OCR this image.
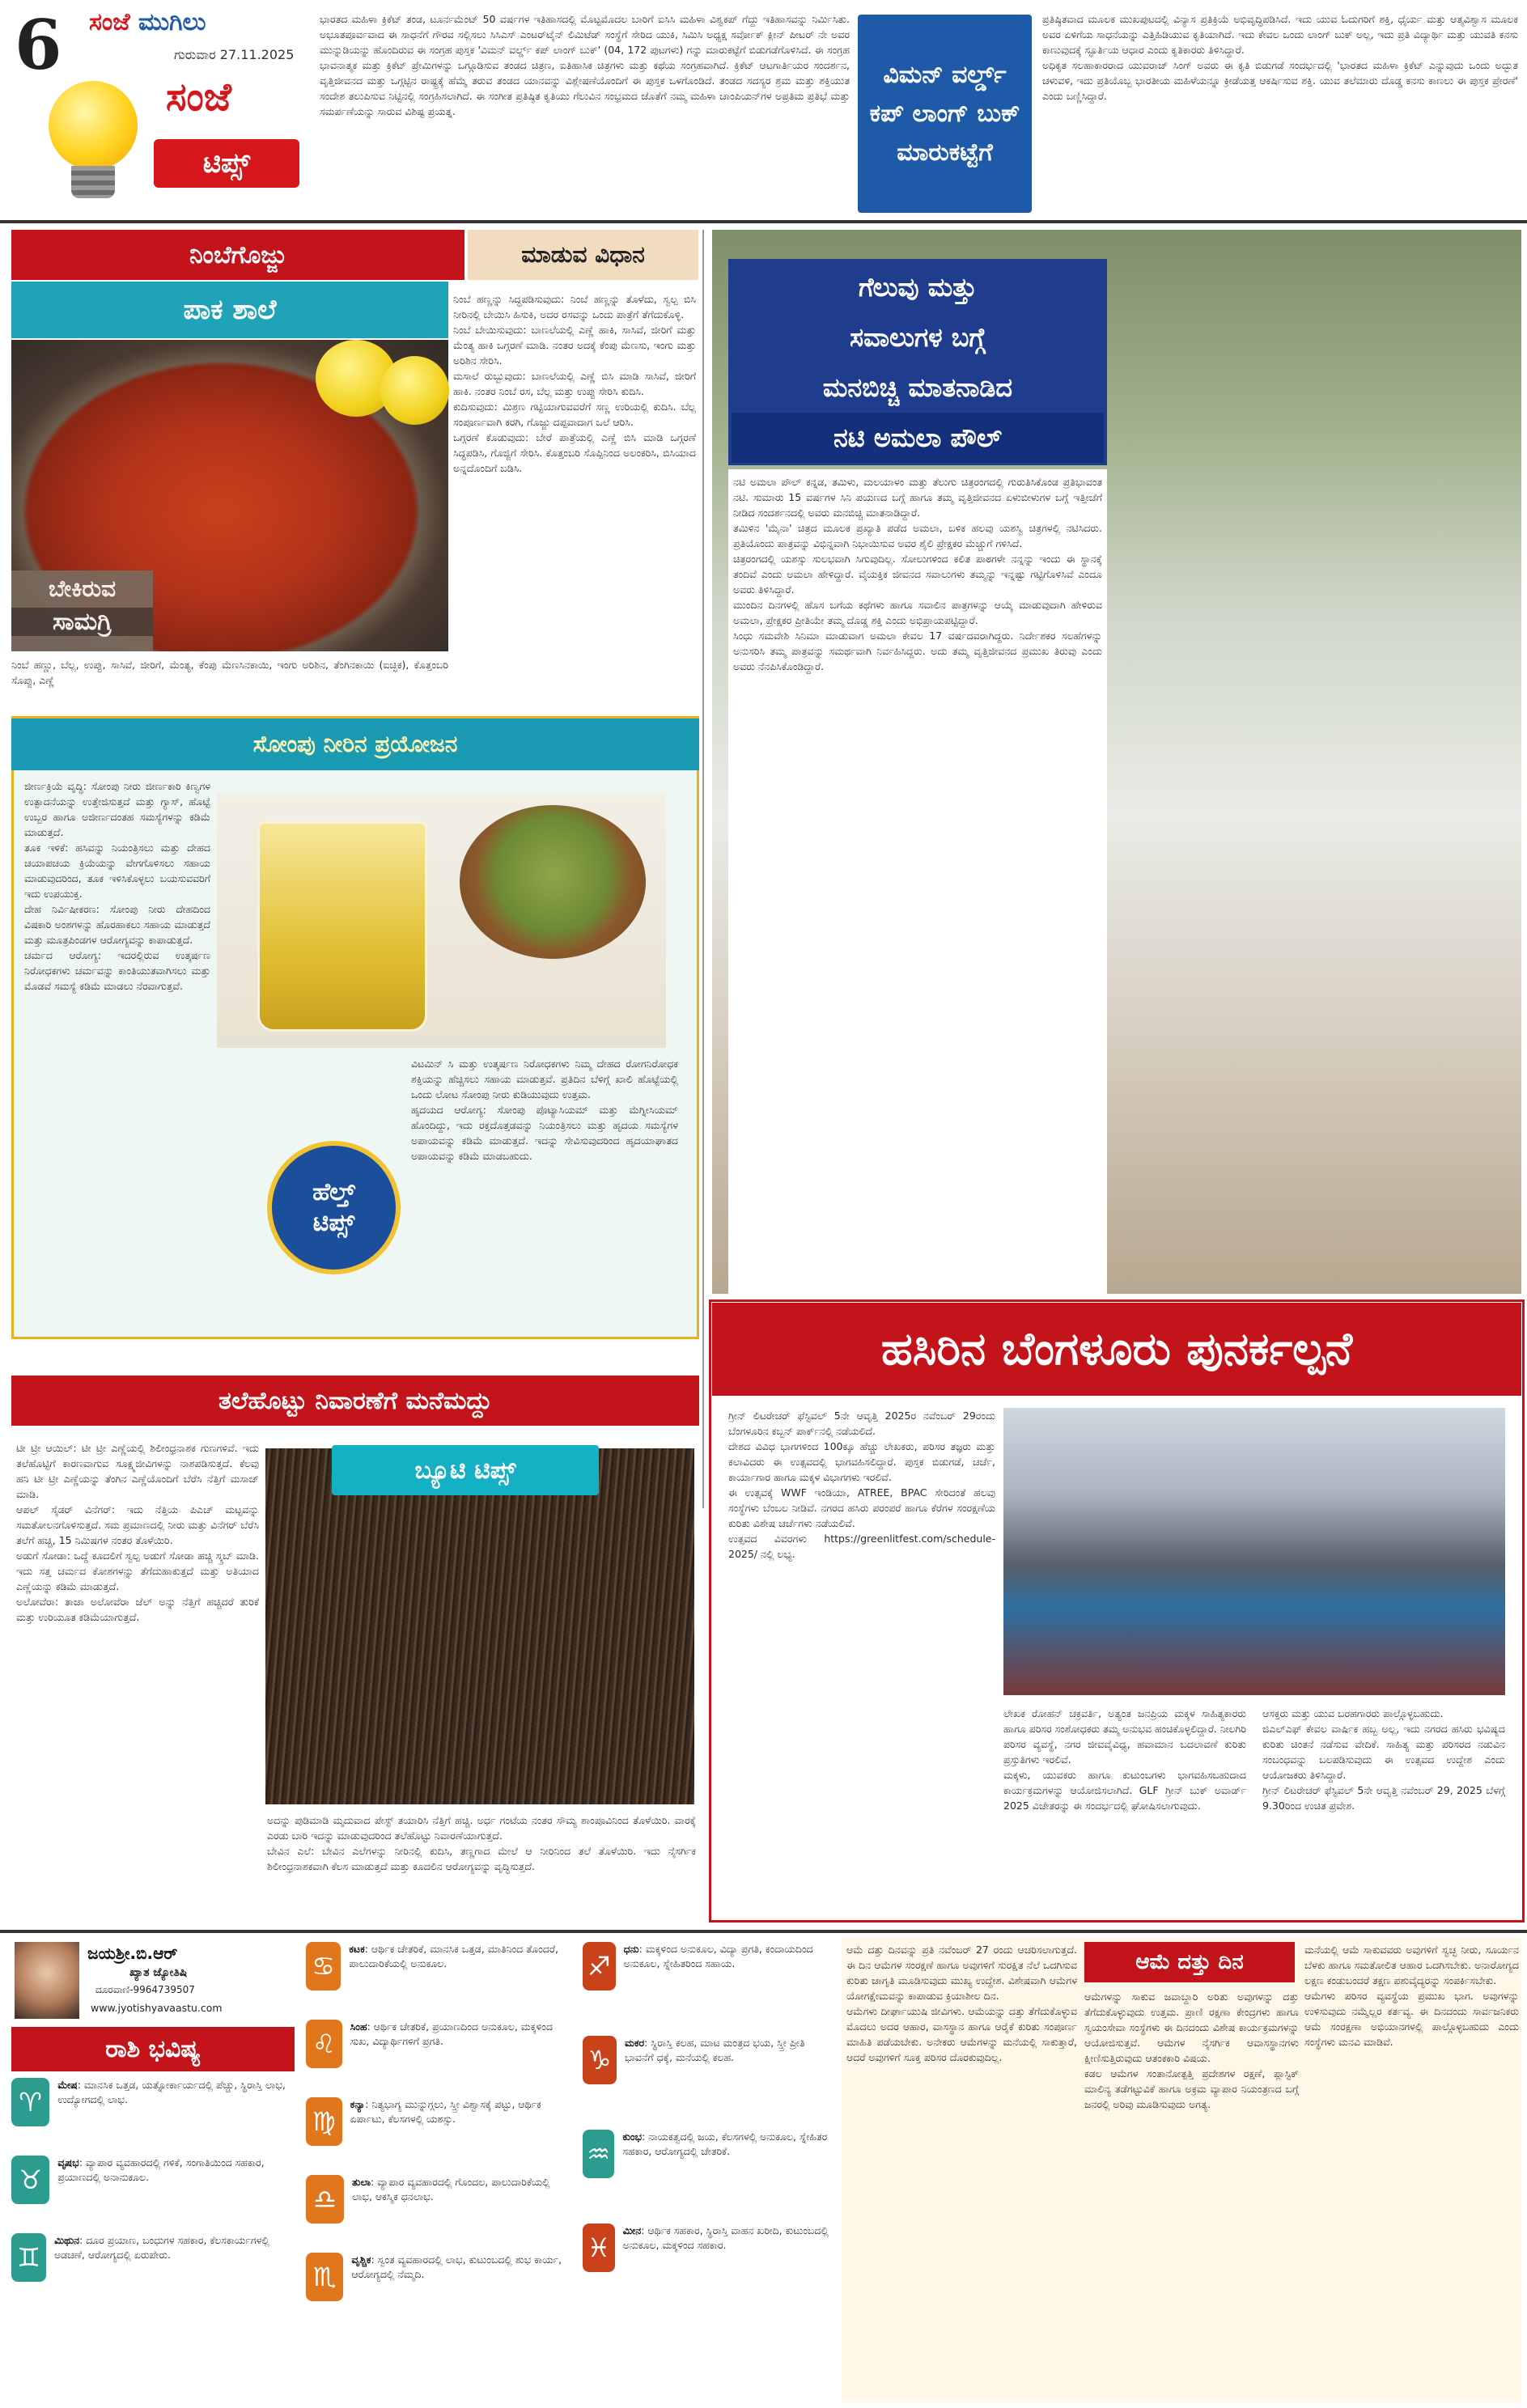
6 ಸಂಜೆ ಮುಗಿಲು
ಗುರುವಾರ 27.11.2025
ಸಂಜೆ
ಟಿಪ್ಸ್
ಭಾರತದ ಮಹಿಳಾ ಕ್ರಿಕೆಟ್ ತಂಡ, ಟೂರ್ನಮೆಂಟ್ 50 ವರ್ಷಗಳ ಇತಿಹಾಸದಲ್ಲಿ ಮೊಟ್ಟಮೊದಲ ಬಾರಿಗೆ ಐಸಿಸಿ ಮಹಿಳಾ ವಿಶ್ವಕಪ್ ಗೆದ್ದು ಇತಿಹಾಸವನ್ನು ನಿರ್ಮಿಸಿತು. ಅಭೂತಪೂರ್ವವಾದ ಈ ಸಾಧನೆಗೆ ಗೌರವ ಸಲ್ಲಿಸಲು ಸಿಸಿಎಸ್ ಎಂಟರ್‌ಟೈನ್ ಲಿಮಿಟೆಡ್ ಸಂಸ್ಥೆಗೆ ಸೇರಿದ ಯುಕಿ, ಸಿಮಿಸಿ ಅಧ್ಯಕ್ಷ ಸರ್ವೋಕ್ ಕ್ಲೀನ್ ಪೀಟರ್ ನೇ ಅವರ ಮುನ್ನುಡಿಯನ್ನು ಹೊಂದಿರುವ ಈ ಸಂಗ್ರಹ ಪುಸ್ತಕ 'ವಿಮನ್ ವರ್ಲ್ಡ್ ಕಪ್ ಲಾಂಗ್ ಬುಕ್' (04, 172 ಪುಟಗಳು) ಗನ್ನು ಮಾರುಕಟ್ಟೆಗೆ ಬಿಡುಗಡೆಗೊಳಿಸಿದೆ. ಈ ಸಂಗ್ರಹ ಭಾವನಾತ್ಮಕ ಮತ್ತು ಕ್ರಿಕೆಟ್ ಪ್ರೇಮಿಗಳನ್ನು ಒಗ್ಗೂಡಿಸುವ ತಂಡದ ಚಿತ್ರಣ, ಐತಿಹಾಸಿಕ ಚಿತ್ರಗಳು ಮತ್ತು ಕಥೆಯ ಸಂಗ್ರಹವಾಗಿದೆ. ಕ್ರಿಕೆಟ್ ಆಟಗಾರ್ತಿಯರ ಸಂದರ್ಶನ, ವೃತ್ತಿಜೀವನದ ಮತ್ತು ಒಗ್ಗಟ್ಟಿನ ರಾಷ್ಟ್ರಕ್ಕೆ ಹೆಮ್ಮೆ ತರುವ ತಂಡದ ಯಾನವನ್ನು ವಿಶ್ಲೇಷಣೆಯೊಂದಿಗೆ ಈ ಪುಸ್ತಕ ಒಳಗೊಂಡಿದೆ. ತಂಡದ ಸದಸ್ಯರ ಶ್ರಮ ಮತ್ತು ಶಕ್ತಿಯುತ ಸಂದೇಶ ತಲುಪಿಸುವ ನಿಟ್ಟಿನಲ್ಲಿ ಸಂಗ್ರಹಿಸಲಾಗಿದೆ. ಈ ಸಂಗೀತ ಪ್ರತಿಷ್ಠಿತ ಕೃತಿಯು ಗೆಲುವಿನ ಸಂಭ್ರಮದ ಜೊತೆಗೆ ನಮ್ಮ ಮಹಿಳಾ ಚಾಂಪಿಯನ್‌ಗಳ ಅಪ್ರತಿಮ ಪ್ರತಿಭೆ ಮತ್ತು ಸಮರ್ಪಣೆಯನ್ನು ಸಾರುವ ವಿಶಿಷ್ಟ ಪ್ರಯತ್ನ.
ವಿಮನ್ ವರ್ಲ್ಡ್ ಕಪ್ ಲಾಂಗ್ ಬುಕ್ ಮಾರುಕಟ್ಟೆಗೆ
ಪ್ರತಿಷ್ಠಿತವಾದ ಮೂಲಕ ಮುಖಪುಟದಲ್ಲಿ ವಿನ್ಯಾಸ ಪ್ರತಿಕ್ರಿಯೆ ಅಭಿವೃದ್ಧಿಪಡಿಸಿದೆ. ಇದು ಯುವ ಓದುಗರಿಗೆ ಶಕ್ತಿ, ಧೈರ್ಯ ಮತ್ತು ಆತ್ಮವಿಶ್ವಾಸ ಮೂಲಕ ಅವರ ಏಳಿಗೆಯ ಸಾಧನೆಯನ್ನು ಎತ್ತಿಹಿಡಿಯುವ ಕೃತಿಯಾಗಿದೆ. ಇದು ಕೇವಲ ಒಂದು ಲಾಂಗ್ ಬುಕ್ ಅಲ್ಲ, ಇದು ಪ್ರತಿ ವಿದ್ಯಾರ್ಥಿ ಮತ್ತು ಯುವತಿ ಕನಸು ಕಾಣುವುದಕ್ಕೆ ಸ್ಫೂರ್ತಿಯ ಆಧಾರ ಎಂದು ಕೃತಿಕಾರರು ತಿಳಿಸಿದ್ದಾರೆ.
ಅಧಿಕೃತ ಸಲಹಾಕಾರರಾದ ಯುವರಾಜ್ ಸಿಂಗ್ ಅವರು ಈ ಕೃತಿ ಬಿಡುಗಡೆ ಸಂದರ್ಭದಲ್ಲಿ 'ಭಾರತದ ಮಹಿಳಾ ಕ್ರಿಕೆಟ್ ಎನ್ನುವುದು ಒಂದು ಅದ್ಭುತ ಚಳುವಳಿ, ಇದು ಪ್ರತಿಯೊಬ್ಬ ಭಾರತೀಯ ಮಹಿಳೆಯನ್ನೂ ಕ್ರೀಡೆಯತ್ತ ಆಕರ್ಷಿಸುವ ಶಕ್ತಿ. ಯುವ ತಲೆಮಾರು ದೊಡ್ಡ ಕನಸು ಕಾಣಲು ಈ ಪುಸ್ತಕ ಪ್ರೇರಣೆ' ಎಂದು ಬಣ್ಣಿಸಿದ್ದಾರೆ.
ನಿಂಬೆಗೊಜ್ಜು	ಮಾಡುವ ವಿಧಾನ
ಪಾಕ ಶಾಲೆ
ಬೇಕಿರುವ
ಸಾಮಗ್ರಿ
ನಿಂಬೆ ಹಣ್ಣು, ಬೆಲ್ಲ, ಉಪ್ಪು, ಸಾಸಿವೆ, ಜೀರಿಗೆ, ಮೆಂತ್ಯ, ಕೆಂಪು ಮೆಣಸಿನಕಾಯಿ, ಇಂಗು ಅರಿಶಿನ, ತೆಂಗಿನಕಾಯಿ (ಐಚ್ಛಿಕ), ಕೊತ್ತಂಬರಿ ಸೊಪ್ಪು, ಎಣ್ಣೆ
ನಿಂಬೆ ಹಣ್ಣನ್ನು ಸಿದ್ಧಪಡಿಸುವುದು: ನಿಂಬೆ ಹಣ್ಣನ್ನು ತೊಳೆದು, ಸ್ವಲ್ಪ ಬಿಸಿ ನೀರಿನಲ್ಲಿ ಬೇಯಿಸಿ ಹಿಸುಕಿ, ಅದರ ರಸವನ್ನು ಒಂದು ಪಾತ್ರೆಗೆ ತೆಗೆದುಕೊಳ್ಳಿ.
ನಿಂಬೆ ಬೇಯಿಸುವುದು: ಬಾಣಲೆಯಲ್ಲಿ ಎಣ್ಣೆ ಹಾಕಿ, ಸಾಸಿವೆ, ಜೀರಿಗೆ ಮತ್ತು ಮೆಂತ್ಯ ಹಾಕಿ ಒಗ್ಗರಣೆ ಮಾಡಿ. ನಂತರ ಅದಕ್ಕೆ ಕೆಂಪು ಮೆಣಸು, ಇಂಗು ಮತ್ತು ಅರಿಶಿನ ಸೇರಿಸಿ.
ಮಸಾಲೆ ರುಬ್ಬುವುದು: ಬಾಣಲೆಯಲ್ಲಿ ಎಣ್ಣೆ ಬಿಸಿ ಮಾಡಿ ಸಾಸಿವೆ, ಜೀರಿಗೆ ಹಾಕಿ. ನಂತರ ನಿಂಬೆ ರಸ, ಬೆಲ್ಲ ಮತ್ತು ಉಪ್ಪು ಸೇರಿಸಿ ಕುದಿಸಿ.
ಕುದಿಸುವುದು: ಮಿಶ್ರಣ ಗಟ್ಟಿಯಾಗುವವರೆಗೆ ಸಣ್ಣ ಉರಿಯಲ್ಲಿ ಕುದಿಸಿ. ಬೆಲ್ಲ ಸಂಪೂರ್ಣವಾಗಿ ಕರಗಿ, ಗೊಜ್ಜು ದಪ್ಪವಾದಾಗ ಒಲೆ ಆರಿಸಿ.
ಒಗ್ಗರಣೆ ಕೊಡುವುದು: ಬೇರೆ ಪಾತ್ರೆಯಲ್ಲಿ ಎಣ್ಣೆ ಬಿಸಿ ಮಾಡಿ ಒಗ್ಗರಣೆ ಸಿದ್ಧಪಡಿಸಿ, ಗೊಜ್ಜಿಗೆ ಸೇರಿಸಿ. ಕೊತ್ತಂಬರಿ ಸೊಪ್ಪಿನಿಂದ ಅಲಂಕರಿಸಿ, ಬಿಸಿಯಾದ ಅನ್ನದೊಂದಿಗೆ ಬಡಿಸಿ.
ಸೋಂಪು ನೀರಿನ ಪ್ರಯೋಜನ
ಜೀರ್ಣಕ್ರಿಯೆ ವೃದ್ಧಿ: ಸೋಂಪು ನೀರು ಜೀರ್ಣಕಾರಿ ಕಿಣ್ವಗಳ ಉತ್ಪಾದನೆಯನ್ನು ಉತ್ತೇಜಿಸುತ್ತದೆ ಮತ್ತು ಗ್ಯಾಸ್, ಹೊಟ್ಟೆ ಉಬ್ಬರ ಹಾಗೂ ಅಜೀರ್ಣದಂತಹ ಸಮಸ್ಯೆಗಳನ್ನು ಕಡಿಮೆ ಮಾಡುತ್ತದೆ.
ತೂಕ ಇಳಿಕೆ: ಹಸಿವನ್ನು ನಿಯಂತ್ರಿಸಲು ಮತ್ತು ದೇಹದ ಚಯಾಪಚಯ ಕ್ರಿಯೆಯನ್ನು ವೇಗಗೊಳಿಸಲು ಸಹಾಯ ಮಾಡುವುದರಿಂದ, ತೂಕ ಇಳಿಸಿಕೊಳ್ಳಲು ಬಯಸುವವರಿಗೆ ಇದು ಉಪಯುಕ್ತ.
ದೇಹ ನಿರ್ವಿಷೀಕರಣ: ಸೋಂಪು ನೀರು ದೇಹದಿಂದ ವಿಷಕಾರಿ ಅಂಶಗಳನ್ನು ಹೊರಹಾಕಲು ಸಹಾಯ ಮಾಡುತ್ತದೆ ಮತ್ತು ಮೂತ್ರಪಿಂಡಗಳ ಆರೋಗ್ಯವನ್ನು ಕಾಪಾಡುತ್ತದೆ.
ಚರ್ಮದ ಆರೋಗ್ಯ: ಇದರಲ್ಲಿರುವ ಉತ್ಕರ್ಷಣ ನಿರೋಧಕಗಳು ಚರ್ಮವನ್ನು ಕಾಂತಿಯುತವಾಗಿಸಲು ಮತ್ತು ಮೊಡವೆ ಸಮಸ್ಯೆ ಕಡಿಮೆ ಮಾಡಲು ನೆರವಾಗುತ್ತವೆ.
ಹೆಲ್ತ್
ಟಿಪ್ಸ್
ವಿಟಮಿನ್ ಸಿ ಮತ್ತು ಉತ್ಕರ್ಷಣ ನಿರೋಧಕಗಳು ನಿಮ್ಮ ದೇಹದ ರೋಗನಿರೋಧಕ ಶಕ್ತಿಯನ್ನು ಹೆಚ್ಚಿಸಲು ಸಹಾಯ ಮಾಡುತ್ತವೆ. ಪ್ರತಿದಿನ ಬೆಳಿಗ್ಗೆ ಖಾಲಿ ಹೊಟ್ಟೆಯಲ್ಲಿ ಒಂದು ಲೋಟ ಸೋಂಪು ನೀರು ಕುಡಿಯುವುದು ಉತ್ತಮ.
ಹೃದಯದ ಆರೋಗ್ಯ: ಸೋಂಪು ಪೊಟ್ಯಾಸಿಯಮ್ ಮತ್ತು ಮೆಗ್ನೀಸಿಯಮ್ ಹೊಂದಿದ್ದು, ಇದು ರಕ್ತದೊತ್ತಡವನ್ನು ನಿಯಂತ್ರಿಸಲು ಮತ್ತು ಹೃದಯ ಸಮಸ್ಯೆಗಳ ಅಪಾಯವನ್ನು ಕಡಿಮೆ ಮಾಡುತ್ತದೆ. ಇದನ್ನು ಸೇವಿಸುವುದರಿಂದ ಹೃದಯಾಘಾತದ ಅಪಾಯವನ್ನು ಕಡಿಮೆ ಮಾಡಬಹುದು.
ತಲೆಹೊಟ್ಟು ನಿವಾರಣೆಗೆ ಮನೆಮದ್ದು
ಟೀ ಟ್ರೀ ಆಯಿಲ್: ಟೀ ಟ್ರೀ ಎಣ್ಣೆಯಲ್ಲಿ ಶಿಲೀಂಧ್ರನಾಶಕ ಗುಣಗಳಿವೆ. ಇದು ತಲೆಹೊಟ್ಟಿಗೆ ಕಾರಣವಾಗುವ ಸೂಕ್ಷ್ಮಜೀವಿಗಳನ್ನು ನಾಶಪಡಿಸುತ್ತದೆ. ಕೆಲವು ಹನಿ ಟೀ ಟ್ರೀ ಎಣ್ಣೆಯನ್ನು ತೆಂಗಿನ ಎಣ್ಣೆಯೊಂದಿಗೆ ಬೆರೆಸಿ ನೆತ್ತಿಗೆ ಮಸಾಜ್ ಮಾಡಿ.
ಆಪಲ್ ಸೈಡರ್ ವಿನೆಗರ್: ಇದು ನೆತ್ತಿಯ ಪಿಎಚ್ ಮಟ್ಟವನ್ನು ಸಮತೋಲನಗೊಳಿಸುತ್ತದೆ. ಸಮ ಪ್ರಮಾಣದಲ್ಲಿ ನೀರು ಮತ್ತು ವಿನೆಗರ್ ಬೆರೆಸಿ ತಲೆಗೆ ಹಚ್ಚಿ, 15 ನಿಮಿಷಗಳ ನಂತರ ತೊಳೆಯಿರಿ.
ಅಡುಗೆ ಸೋಡಾ: ಒದ್ದೆ ಕೂದಲಿಗೆ ಸ್ವಲ್ಪ ಅಡುಗೆ ಸೋಡಾ ಹಚ್ಚಿ ಸ್ಕ್ರಬ್ ಮಾಡಿ. ಇದು ಸತ್ತ ಚರ್ಮದ ಕೋಶಗಳನ್ನು ತೆಗೆದುಹಾಕುತ್ತದೆ ಮತ್ತು ಅತಿಯಾದ ಎಣ್ಣೆಯನ್ನು ಕಡಿಮೆ ಮಾಡುತ್ತದೆ.
ಅಲೋವೆರಾ: ತಾಜಾ ಅಲೋವೆರಾ ಜೆಲ್ ಅನ್ನು ನೆತ್ತಿಗೆ ಹಚ್ಚಿದರೆ ತುರಿಕೆ ಮತ್ತು ಉರಿಯೂತ ಕಡಿಮೆಯಾಗುತ್ತದೆ.
ಬ್ಯೂಟಿ ಟಿಪ್ಸ್
ಅದನ್ನು ಪುಡಿಮಾಡಿ ಮೃದುವಾದ ಪೇಸ್ಟ್ ತಯಾರಿಸಿ ನೆತ್ತಿಗೆ ಹಚ್ಚಿ. ಅರ್ಧ ಗಂಟೆಯ ನಂತರ ಸೌಮ್ಯ ಶಾಂಪೂವಿನಿಂದ ತೊಳೆಯಿರಿ. ವಾರಕ್ಕೆ ಎರಡು ಬಾರಿ ಇದನ್ನು ಮಾಡುವುದರಿಂದ ತಲೆಹೊಟ್ಟು ನಿವಾರಣೆಯಾಗುತ್ತದೆ.
ಬೇವಿನ ಎಲೆ: ಬೇವಿನ ಎಲೆಗಳನ್ನು ನೀರಿನಲ್ಲಿ ಕುದಿಸಿ, ತಣ್ಣಗಾದ ಮೇಲೆ ಆ ನೀರಿನಿಂದ ತಲೆ ತೊಳೆಯಿರಿ. ಇದು ನೈಸರ್ಗಿಕ ಶಿಲೀಂಧ್ರನಾಶಕವಾಗಿ ಕೆಲಸ ಮಾಡುತ್ತದೆ ಮತ್ತು ಕೂದಲಿನ ಆರೋಗ್ಯವನ್ನು ವೃದ್ಧಿಸುತ್ತದೆ.
ಗೆಲುವು ಮತ್ತು
ಸವಾಲುಗಳ ಬಗ್ಗೆ
ಮನಬಿಚ್ಚಿ ಮಾತನಾಡಿದ
ನಟಿ ಅಮಲಾ ಪೌಲ್
ನಟಿ ಅಮಲಾ ಪೌಲ್ ಕನ್ನಡ, ತಮಿಳು, ಮಲಯಾಳಂ ಮತ್ತು ತೆಲುಗು ಚಿತ್ರರಂಗದಲ್ಲಿ ಗುರುತಿಸಿಕೊಂಡ ಪ್ರತಿಭಾವಂತ ನಟಿ. ಸುಮಾರು 15 ವರ್ಷಗಳ ಸಿನಿ ಪಯಣದ ಬಗ್ಗೆ ಹಾಗೂ ತಮ್ಮ ವೃತ್ತಿಜೀವನದ ಏಳುಬೀಳುಗಳ ಬಗ್ಗೆ ಇತ್ತೀಚೆಗೆ ನೀಡಿದ ಸಂದರ್ಶನದಲ್ಲಿ ಅವರು ಮನಬಿಚ್ಚಿ ಮಾತನಾಡಿದ್ದಾರೆ.
ತಮಿಳಿನ 'ಮೈನಾ' ಚಿತ್ರದ ಮೂಲಕ ಪ್ರಖ್ಯಾತಿ ಪಡೆದ ಅಮಲಾ, ಬಳಿಕ ಹಲವು ಯಶಸ್ವಿ ಚಿತ್ರಗಳಲ್ಲಿ ನಟಿಸಿದರು. ಪ್ರತಿಯೊಂದು ಪಾತ್ರವನ್ನು ವಿಭಿನ್ನವಾಗಿ ನಿಭಾಯಿಸುವ ಅವರ ಶೈಲಿ ಪ್ರೇಕ್ಷಕರ ಮೆಚ್ಚುಗೆ ಗಳಿಸಿದೆ.
ಚಿತ್ರರಂಗದಲ್ಲಿ ಯಶಸ್ಸು ಸುಲಭವಾಗಿ ಸಿಗುವುದಿಲ್ಲ. ಸೋಲುಗಳಿಂದ ಕಲಿತ ಪಾಠಗಳೇ ನನ್ನನ್ನು ಇಂದು ಈ ಸ್ಥಾನಕ್ಕೆ ತಂದಿವೆ ಎಂದು ಅಮಲಾ ಹೇಳಿದ್ದಾರೆ. ವೈಯಕ್ತಿಕ ಜೀವನದ ಸವಾಲುಗಳು ತಮ್ಮನ್ನು ಇನ್ನಷ್ಟು ಗಟ್ಟಿಗೊಳಿಸಿವೆ ಎಂದೂ ಅವರು ತಿಳಿಸಿದ್ದಾರೆ.
ಮುಂದಿನ ದಿನಗಳಲ್ಲಿ ಹೊಸ ಬಗೆಯ ಕಥೆಗಳು ಹಾಗೂ ಸವಾಲಿನ ಪಾತ್ರಗಳನ್ನು ಆಯ್ಕೆ ಮಾಡುವುದಾಗಿ ಹೇಳಿರುವ ಅಮಲಾ, ಪ್ರೇಕ್ಷಕರ ಪ್ರೀತಿಯೇ ತಮ್ಮ ದೊಡ್ಡ ಶಕ್ತಿ ಎಂದು ಅಭಿಪ್ರಾಯಪಟ್ಟಿದ್ದಾರೆ.
ಸಿಂಧು ಸಮವೇಶಿ ಸಿನಿಮಾ ಮಾಡುವಾಗ ಅಮಲಾ ಕೇವಲ 17 ವರ್ಷದವರಾಗಿದ್ದರು. ನಿರ್ದೇಶಕರ ಸಲಹೆಗಳನ್ನು ಅನುಸರಿಸಿ ತಮ್ಮ ಪಾತ್ರವನ್ನು ಸಮರ್ಥವಾಗಿ ನಿರ್ವಹಿಸಿದ್ದರು. ಅದು ತಮ್ಮ ವೃತ್ತಿಜೀವನದ ಪ್ರಮುಖ ತಿರುವು ಎಂದು ಅವರು ನೆನಪಿಸಿಕೊಂಡಿದ್ದಾರೆ.
ಹಸಿರಿನ ಬೆಂಗಳೂರು ಪುನರ್ಕಲ್ಪನೆ
ಗ್ರೀನ್ ಲಿಟರೇಚರ್ ಫೆಸ್ಟಿವಲ್ 5ನೇ ಆವೃತ್ತಿ 2025ರ ನವೆಂಬರ್ 29ರಂದು ಬೆಂಗಳೂರಿನ ಕಬ್ಬನ್ ಪಾರ್ಕ್‌ನಲ್ಲಿ ನಡೆಯಲಿದೆ.
ದೇಶದ ವಿವಿಧ ಭಾಗಗಳಿಂದ 100ಕ್ಕೂ ಹೆಚ್ಚು ಲೇಖಕರು, ಪರಿಸರ ತಜ್ಞರು ಮತ್ತು ಕಲಾವಿದರು ಈ ಉತ್ಸವದಲ್ಲಿ ಭಾಗವಹಿಸಲಿದ್ದಾರೆ. ಪುಸ್ತಕ ಬಿಡುಗಡೆ, ಚರ್ಚೆ, ಕಾರ್ಯಾಗಾರ ಹಾಗೂ ಮಕ್ಕಳ ವಿಭಾಗಗಳು ಇರಲಿವೆ.
ಈ ಉತ್ಸವಕ್ಕೆ WWF ಇಂಡಿಯಾ, ATREE, BPAC ಸೇರಿದಂತೆ ಹಲವು ಸಂಸ್ಥೆಗಳು ಬೆಂಬಲ ನೀಡಿವೆ. ನಗರದ ಹಸಿರು ಪರಂಪರೆ ಹಾಗೂ ಕೆರೆಗಳ ಸಂರಕ್ಷಣೆಯ ಕುರಿತು ವಿಶೇಷ ಚರ್ಚೆಗಳು ನಡೆಯಲಿವೆ.
ಉತ್ಸವದ ವಿವರಗಳು https://greenlitfest.com/schedule-2025/ ನಲ್ಲಿ ಲಭ್ಯ.
ಲೇಖಕ ರೋಹನ್ ಚಕ್ರವರ್ತಿ, ಅತ್ಯಂತ ಜನಪ್ರಿಯ ಮಕ್ಕಳ ಸಾಹಿತ್ಯಕಾರರು ಹಾಗೂ ಪರಿಸರ ಸಂಶೋಧಕರು ತಮ್ಮ ಅನುಭವ ಹಂಚಿಕೊಳ್ಳಲಿದ್ದಾರೆ. ನೀಲಗಿರಿ ಪರಿಸರ ವ್ಯವಸ್ಥೆ, ನಗರ ಜೀವವೈವಿಧ್ಯ, ಹವಾಮಾನ ಬದಲಾವಣೆ ಕುರಿತು ಪ್ರಸ್ತುತಿಗಳು ಇರಲಿವೆ.
ಮಕ್ಕಳು, ಯುವಕರು ಹಾಗೂ ಕುಟುಂಬಗಳು ಭಾಗವಹಿಸಬಹುದಾದ ಕಾರ್ಯಕ್ರಮಗಳನ್ನು ಆಯೋಜಿಸಲಾಗಿದೆ. GLF ಗ್ರೀನ್ ಬುಕ್ ಅವಾರ್ಡ್ 2025 ವಿಜೇತರನ್ನು ಈ ಸಂದರ್ಭದಲ್ಲಿ ಘೋಷಿಸಲಾಗುವುದು.
ಆಸಕ್ತರು ಮತ್ತು ಯುವ ಬರಹಗಾರರು ಪಾಲ್ಗೊಳ್ಳಬಹುದು.
ಜಿಎಲ್‌ಎಫ್ ಕೇವಲ ವಾರ್ಷಿಕ ಹಬ್ಬ ಅಲ್ಲ, ಇದು ನಗರದ ಹಸಿರು ಭವಿಷ್ಯದ ಕುರಿತು ಚಿಂತನೆ ನಡೆಸುವ ವೇದಿಕೆ. ಸಾಹಿತ್ಯ ಮತ್ತು ಪರಿಸರದ ನಡುವಿನ ಸಂಬಂಧವನ್ನು ಬಲಪಡಿಸುವುದು ಈ ಉತ್ಸವದ ಉದ್ದೇಶ ಎಂದು ಆಯೋಜಕರು ತಿಳಿಸಿದ್ದಾರೆ.
ಗ್ರೀನ್ ಲಿಟರೇಚರ್ ಫೆಸ್ಟಿವಲ್ 5ನೇ ಆವೃತ್ತಿ ನವೆಂಬರ್ 29, 2025 ಬೆಳಗ್ಗೆ 9.30ರಿಂದ ಉಚಿತ ಪ್ರವೇಶ.
ಜಯಶ್ರೀ.ಬಿ.ಆರ್
ಖ್ಯಾತ ಜ್ಯೋತಿಷಿ
ದೂರವಾಣಿ-9964739507
www.jyotishyavaastu.com
ರಾಶಿ ಭವಿಷ್ಯ
♈
ಮೇಷ: ಮಾನಸಿಕ ಒತ್ತಡ, ಯತ್ನೋರ್ಕಾರ್ಯದಲ್ಲಿ ಪೆಚ್ಚು, ಸ್ಥಿರಾಸ್ತಿ ಲಾಭ, ಉದ್ಯೋಗದಲ್ಲಿ ಲಾಭ.
♉
ವೃಷಭ: ವ್ಯಾಪಾರ ವ್ಯವಹಾರದಲ್ಲಿ ಗಳಿಕೆ, ಸಂಗಾತಿಯಿಂದ ಸಹಕಾರ, ಪ್ರಯಾಣದಲ್ಲಿ ಅನಾನುಕೂಲ.
♊
ಮಿಥುನ: ದೂರ ಪ್ರಯಾಣ, ಬಂಧುಗಳ ಸಹಕಾರ, ಕೆಲಸಕಾರ್ಯಗಳಲ್ಲಿ ಅಡಚಣೆ, ಆರೋಗ್ಯದಲ್ಲಿ ಏರುಪೇರು.
♋
ಕಟಕ: ಆರ್ಥಿಕ ಚೇತರಿಕೆ, ಮಾನಸಿಕ ಒತ್ತಡ, ಮಾತಿನಿಂದ ತೊಂದರೆ, ಪಾಲುದಾರಿಕೆಯಲ್ಲಿ ಅನುಕೂಲ.
♌
ಸಿಂಹ: ಆರ್ಥಿಕ ಚೇತರಿಕೆ, ಪ್ರಯಾಣದಿಂದ ಅನುಕೂಲ, ಮಕ್ಕಳಿಂದ ಸುಖ, ವಿದ್ಯಾರ್ಥಿಗಳಿಗೆ ಪ್ರಗತಿ.
♍
ಕನ್ಯಾ: ನಿತ್ಯಭಾಗ್ಯ ಮುನ್ನುಗ್ಗಲು, ಸ್ತ್ರೀ ವಿಶ್ವಾಸಕ್ಕೆ ಪಟ್ಟು, ಆರ್ಥಿಕ ಏರ್ಪಾಟು, ಕೆಲಸಗಳಲ್ಲಿ ಯಶಸ್ಸು.
♎
ತುಲಾ: ವ್ಯಾಪಾರ ವ್ಯವಹಾರದಲ್ಲಿ ಗೊಂದಲ, ಪಾಲುದಾರಿಕೆಯಲ್ಲಿ ಲಾಭ, ಆಕಸ್ಮಿಕ ಧನಲಾಭ.
♏
ವೃಶ್ಚಿಕ: ಸ್ವಂತ ವ್ಯವಹಾರದಲ್ಲಿ ಲಾಭ, ಕುಟುಂಬದಲ್ಲಿ ಶುಭ ಕಾರ್ಯ, ಆರೋಗ್ಯದಲ್ಲಿ ನೆಮ್ಮದಿ.
♐
ಧನು: ಮಕ್ಕಳಿಂದ ಅನುಕೂಲ, ವಿದ್ಯಾ ಪ್ರಗತಿ, ಕಂದಾಯದಿಂದ ಅನುಕೂಲ, ಸ್ನೇಹಿತರಿಂದ ಸಹಾಯ.
♑
ಮಕರ: ಸ್ಥಿರಾಸ್ತಿ ಕಲಹ, ಮಾಟ ಮಂತ್ರದ ಭಯ, ಸ್ತ್ರೀ ಪ್ರೀತಿ ಭಾವನೆಗೆ ಧಕ್ಕೆ, ಮನೆಯಲ್ಲಿ ಕಲಹ.
♒
ಕುಂಭ: ನಾಯಕತ್ವದಲ್ಲಿ ಜಯ, ಕೆಲಸಗಳಲ್ಲಿ ಅನುಕೂಲ, ಸ್ನೇಹಿತರ ಸಹಕಾರ, ಆರೋಗ್ಯದಲ್ಲಿ ಚೇತರಿಕೆ.
♓
ಮೀನ: ಆರ್ಥಿಕ ಸಹಕಾರ, ಸ್ಥಿರಾಸ್ತಿ ವಾಹನ ಖರೀದಿ, ಕುಟುಂಬದಲ್ಲಿ ಅನುಕೂಲ, ಮಕ್ಕಳಿಂದ ಸಹಕಾರ.
ಆಮೆ ದತ್ತು ದಿನ
ಆಮೆ ದತ್ತು ದಿನವನ್ನು ಪ್ರತಿ ನವೆಂಬರ್ 27 ರಂದು ಆಚರಿಸಲಾಗುತ್ತದೆ. ಈ ದಿನ ಆಮೆಗಳ ಸಂರಕ್ಷಣೆ ಹಾಗೂ ಅವುಗಳಿಗೆ ಸುರಕ್ಷಿತ ನೆಲೆ ಒದಗಿಸುವ ಕುರಿತು ಜಾಗೃತಿ ಮೂಡಿಸುವುದು ಮುಖ್ಯ ಉದ್ದೇಶ. ವಿಶೇಷವಾಗಿ ಆಮೆಗಳ ಯೋಗಕ್ಷೇಮವನ್ನು ಕಾಪಾಡುವ ಕ್ರಿಯಾಶೀಲ ದಿನ.
ಆಮೆಗಳು ದೀರ್ಘಾಯುಷಿ ಜೀವಿಗಳು. ಆಮೆಯನ್ನು ದತ್ತು ತೆಗೆದುಕೊಳ್ಳುವ ಮೊದಲು ಅದರ ಆಹಾರ, ವಾಸಸ್ಥಾನ ಹಾಗೂ ಆರೈಕೆ ಕುರಿತು ಸಂಪೂರ್ಣ ಮಾಹಿತಿ ಪಡೆಯಬೇಕು. ಅನೇಕರು ಆಮೆಗಳನ್ನು ಮನೆಯಲ್ಲಿ ಸಾಕುತ್ತಾರೆ, ಆದರೆ ಅವುಗಳಿಗೆ ಸೂಕ್ತ ಪರಿಸರ ದೊರಕುವುದಿಲ್ಲ.
ಆಮೆಗಳನ್ನು ಸಾಕುವ ಜವಾಬ್ದಾರಿ ಅರಿತು ಅವುಗಳನ್ನು ದತ್ತು ತೆಗೆದುಕೊಳ್ಳುವುದು ಉತ್ತಮ. ಪ್ರಾಣಿ ರಕ್ಷಣಾ ಕೇಂದ್ರಗಳು ಹಾಗೂ ಸ್ವಯಂಸೇವಾ ಸಂಸ್ಥೆಗಳು ಈ ದಿನದಂದು ವಿಶೇಷ ಕಾರ್ಯಕ್ರಮಗಳನ್ನು ಆಯೋಜಿಸುತ್ತವೆ. ಆಮೆಗಳ ನೈಸರ್ಗಿಕ ಆವಾಸಸ್ಥಾನಗಳು ಕ್ಷೀಣಿಸುತ್ತಿರುವುದು ಆತಂಕಕಾರಿ ವಿಷಯ.
ಕಡಲ ಆಮೆಗಳ ಸಂತಾನೋತ್ಪತ್ತಿ ಪ್ರದೇಶಗಳ ರಕ್ಷಣೆ, ಪ್ಲಾಸ್ಟಿಕ್ ಮಾಲಿನ್ಯ ತಡೆಗಟ್ಟುವಿಕೆ ಹಾಗೂ ಅಕ್ರಮ ವ್ಯಾಪಾರ ನಿಯಂತ್ರಣದ ಬಗ್ಗೆ ಜನರಲ್ಲಿ ಅರಿವು ಮೂಡಿಸುವುದು ಅಗತ್ಯ.
ಮನೆಯಲ್ಲಿ ಆಮೆ ಸಾಕುವವರು ಅವುಗಳಿಗೆ ಸ್ವಚ್ಛ ನೀರು, ಸೂರ್ಯನ ಬೆಳಕು ಹಾಗೂ ಸಮತೋಲಿತ ಆಹಾರ ಒದಗಿಸಬೇಕು. ಅನಾರೋಗ್ಯದ ಲಕ್ಷಣ ಕಂಡುಬಂದರೆ ತಕ್ಷಣ ಪಶುವೈದ್ಯರನ್ನು ಸಂಪರ್ಕಿಸಬೇಕು.
ಆಮೆಗಳು ಪರಿಸರ ವ್ಯವಸ್ಥೆಯ ಪ್ರಮುಖ ಭಾಗ. ಅವುಗಳನ್ನು ಉಳಿಸುವುದು ನಮ್ಮೆಲ್ಲರ ಕರ್ತವ್ಯ. ಈ ದಿನದಂದು ಸಾರ್ವಜನಿಕರು ಆಮೆ ಸಂರಕ್ಷಣಾ ಅಭಿಯಾನಗಳಲ್ಲಿ ಪಾಲ್ಗೊಳ್ಳಬಹುದು ಎಂದು ಸಂಸ್ಥೆಗಳು ಮನವಿ ಮಾಡಿವೆ.
